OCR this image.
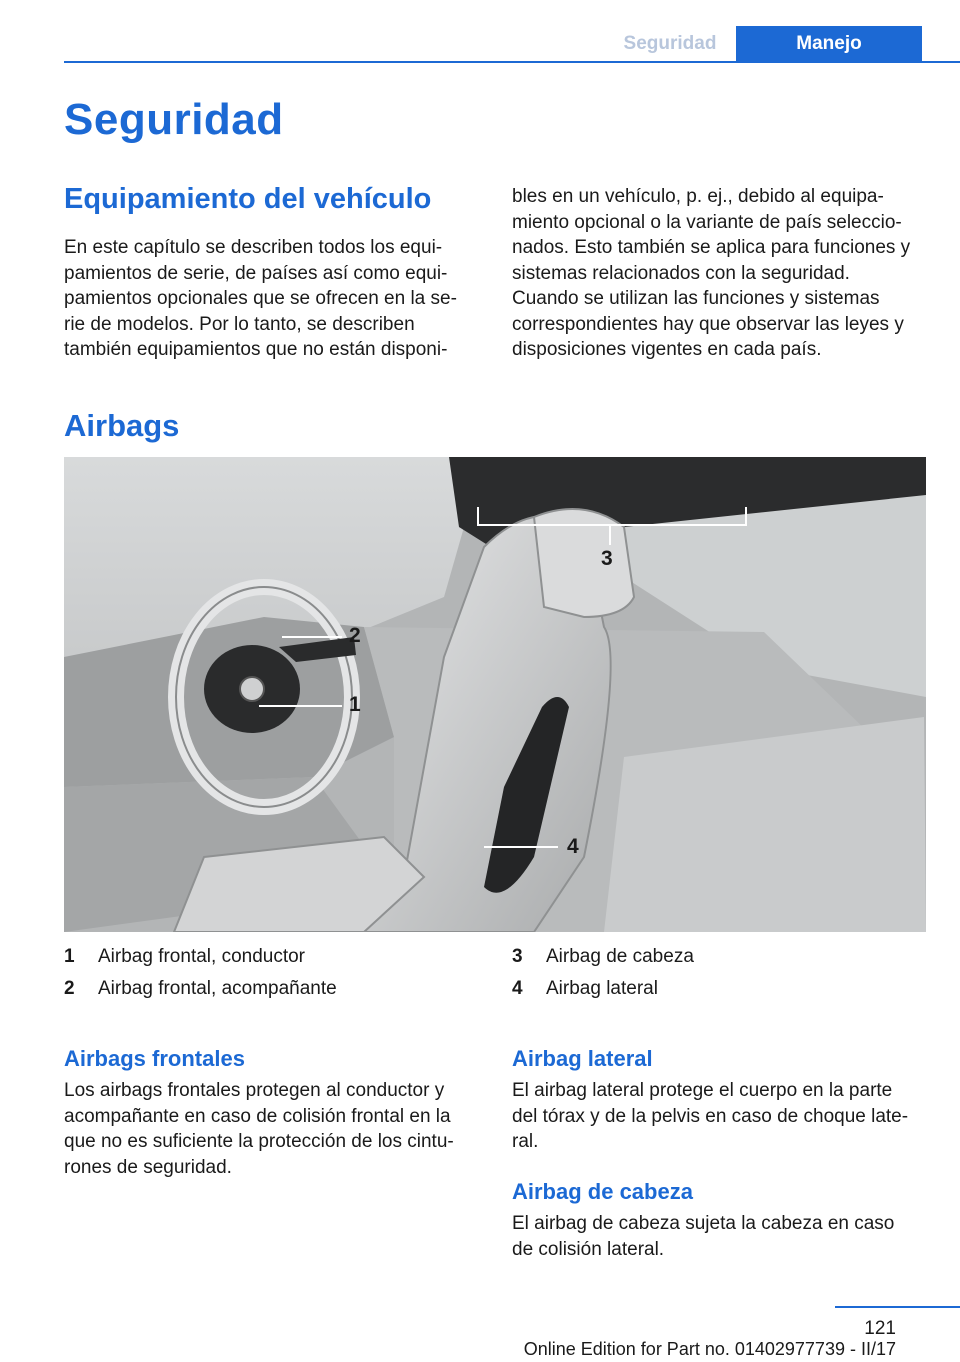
Seguridad	Manejo
Seguridad
Equipamiento del vehículo
En este capítulo se describen todos los equi-
pamientos de serie, de países así como equi-
pamientos opcionales que se ofrecen en la se-
rie de modelos. Por lo tanto, se describen
también equipamientos que no están disponi-
bles en un vehículo, p. ej., debido al equipa-
miento opcional o la variante de país seleccio-
nados. Esto también se aplica para funciones y
sistemas relacionados con la seguridad.
Cuando se utilizan las funciones y sistemas
correspondientes hay que observar las leyes y
disposiciones vigentes en cada país.
Airbags
3
2
1
4
1 Airbag frontal, conductor
2 Airbag frontal, acompañante
3 Airbag de cabeza
4 Airbag lateral
Airbags frontales
Los airbags frontales protegen al conductor y
acompañante en caso de colisión frontal en la
que no es suficiente la protección de los cintu-
rones de seguridad.
Airbag lateral
El airbag lateral protege el cuerpo en la parte
del tórax y de la pelvis en caso de choque late-
ral.
Airbag de cabeza
El airbag de cabeza sujeta la cabeza en caso
de colisión lateral.
121
Online Edition for Part no. 01402977739 - II/17
